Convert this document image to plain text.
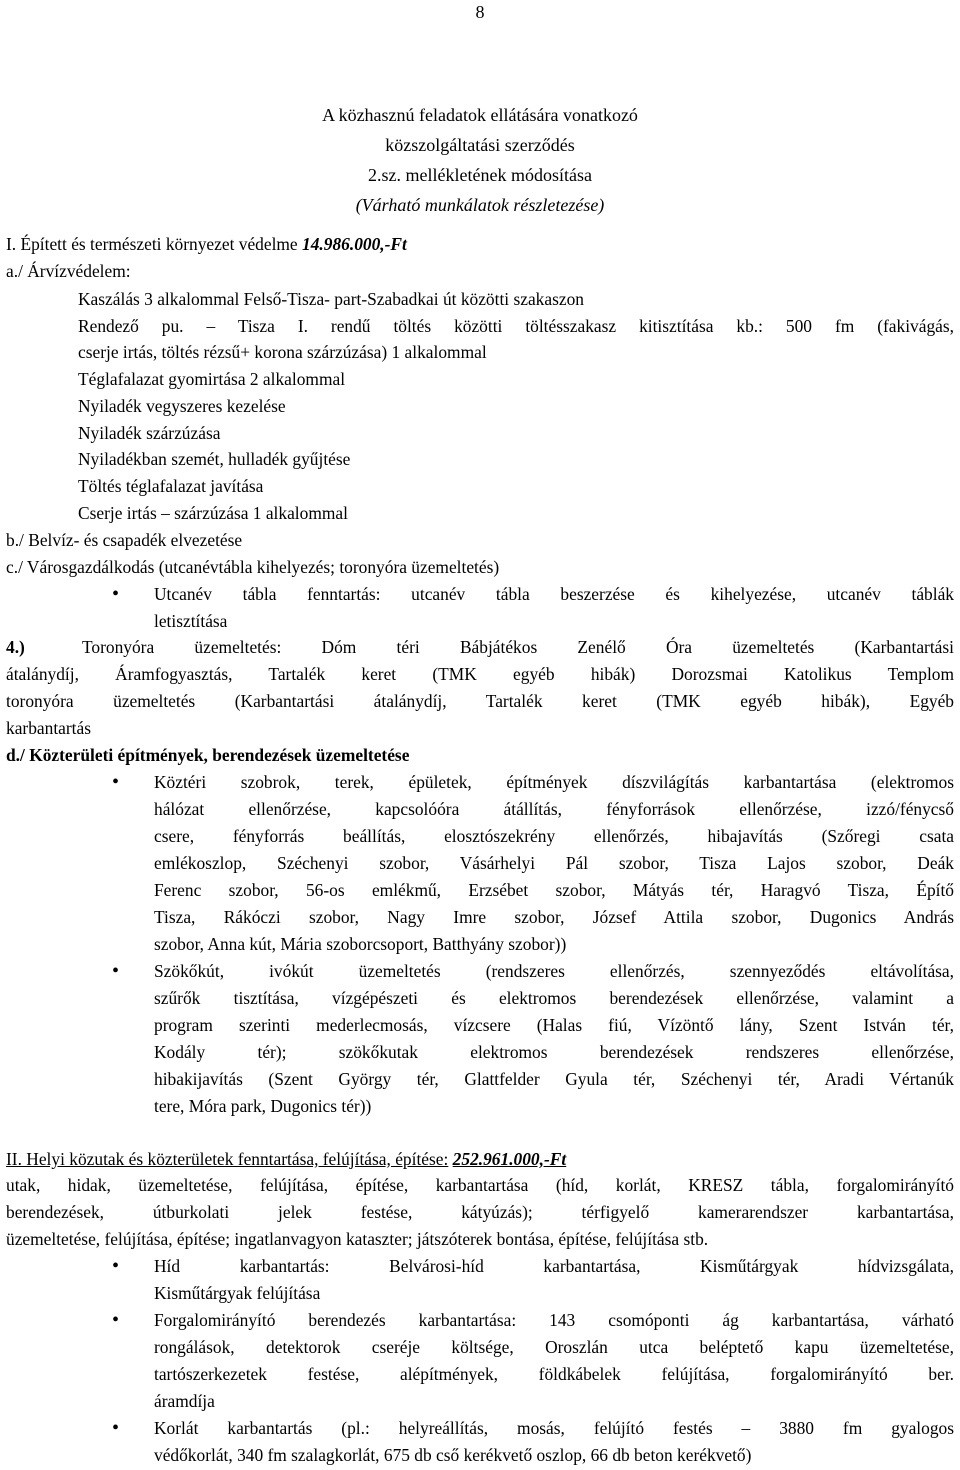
8
A közhasznú feladatok ellátására vonatkozó
közszolgáltatási szerződés
2.sz. mellékletének módosítása
(Várható munkálatok részletezése)
I. Épített és természeti környezet védelme 14.986.000,-Ft
a./ Árvízvédelem:
Kaszálás 3 alkalommal Felső-Tisza- part-Szabadkai út közötti szakaszon
Rendező pu. – Tisza I. rendű töltés közötti töltésszakasz kitisztítása kb.: 500 fm (fakivágás,
cserje irtás, töltés rézsű+ korona szárzúzása) 1 alkalommal
Téglafalazat gyomirtása 2 alkalommal
Nyiladék vegyszeres kezelése
Nyiladék szárzúzása
Nyiladékban szemét, hulladék gyűjtése
Töltés téglafalazat javítása
Cserje irtás – szárzúzása 1 alkalommal
b./ Belvíz- és csapadék elvezetése
c./ Városgazdálkodás (utcanévtábla kihelyezés; toronyóra üzemeltetés)
• Utcanév tábla fenntartás: utcanév tábla beszerzése és kihelyezése, utcanév táblák
letisztítása
4.)	Toronyóra üzemeltetés: Dóm téri Bábjátékos Zenélő Óra üzemeltetés (Karbantartási
átalánydíj, Áramfogyasztás, Tartalék keret (TMK egyéb hibák) Dorozsmai Katolikus Templom
toronyóra üzemeltetés (Karbantartási átalánydíj, Tartalék keret (TMK egyéb hibák), Egyéb
karbantartás
d./ Közterületi építmények, berendezések üzemeltetése
• Köztéri szobrok, terek, épületek, építmények díszvilágítás karbantartása (elektromos
hálózat ellenőrzése, kapcsolóóra átállítás, fényforrások ellenőrzése, izzó/fénycső
csere, fényforrás beállítás, elosztószekrény ellenőrzés, hibajavítás (Szőregi csata
emlékoszlop, Széchenyi szobor, Vásárhelyi Pál szobor, Tisza Lajos szobor, Deák
Ferenc szobor, 56-os emlékmű, Erzsébet szobor, Mátyás tér, Haragvó Tisza, Építő
Tisza, Rákóczi szobor, Nagy Imre szobor, József Attila szobor, Dugonics András
szobor, Anna kút, Mária szoborcsoport, Batthyány szobor))
• Szökőkút, ivókút üzemeltetés (rendszeres ellenőrzés, szennyeződés eltávolítása,
szűrők tisztítása, vízgépészeti és elektromos berendezések ellenőrzése, valamint a
program szerinti mederlecmosás, vízcsere (Halas fiú, Vízöntő lány, Szent István tér,
Kodály tér); szökőkutak elektromos berendezések rendszeres ellenőrzése,
hibakijavítás (Szent György tér, Glattfelder Gyula tér, Széchenyi tér, Aradi Vértanúk
tere, Móra park, Dugonics tér))
II. Helyi közutak és közterületek fenntartása, felújítása, építése: 252.961.000,-Ft
utak, hidak, üzemeltetése, felújítása, építése, karbantartása (híd, korlát, KRESZ tábla, forgalomirányító
berendezések, útburkolati jelek festése, kátyúzás); térfigyelő kamerarendszer karbantartása,
üzemeltetése, felújítása, építése; ingatlanvagyon kataszter; játszóterek bontása, építése, felújítása stb.
• Híd karbantartás: Belvárosi-híd karbantartása, Kisműtárgyak hídvizsgálata,
Kisműtárgyak felújítása
• Forgalomirányító berendezés karbantartása: 143 csomóponti ág karbantartása, várható
rongálások, detektorok cseréje költsége, Oroszlán utca beléptető kapu üzemeltetése,
tartószerkezetek festése, alépítmények, földkábelek felújítása, forgalomirányító ber.
áramdíja
• Korlát karbantartás (pl.: helyreállítás, mosás, felújító festés – 3880 fm gyalogos
védőkorlát, 340 fm szalagkorlát, 675 db cső kerékvető oszlop, 66 db beton kerékvető)
